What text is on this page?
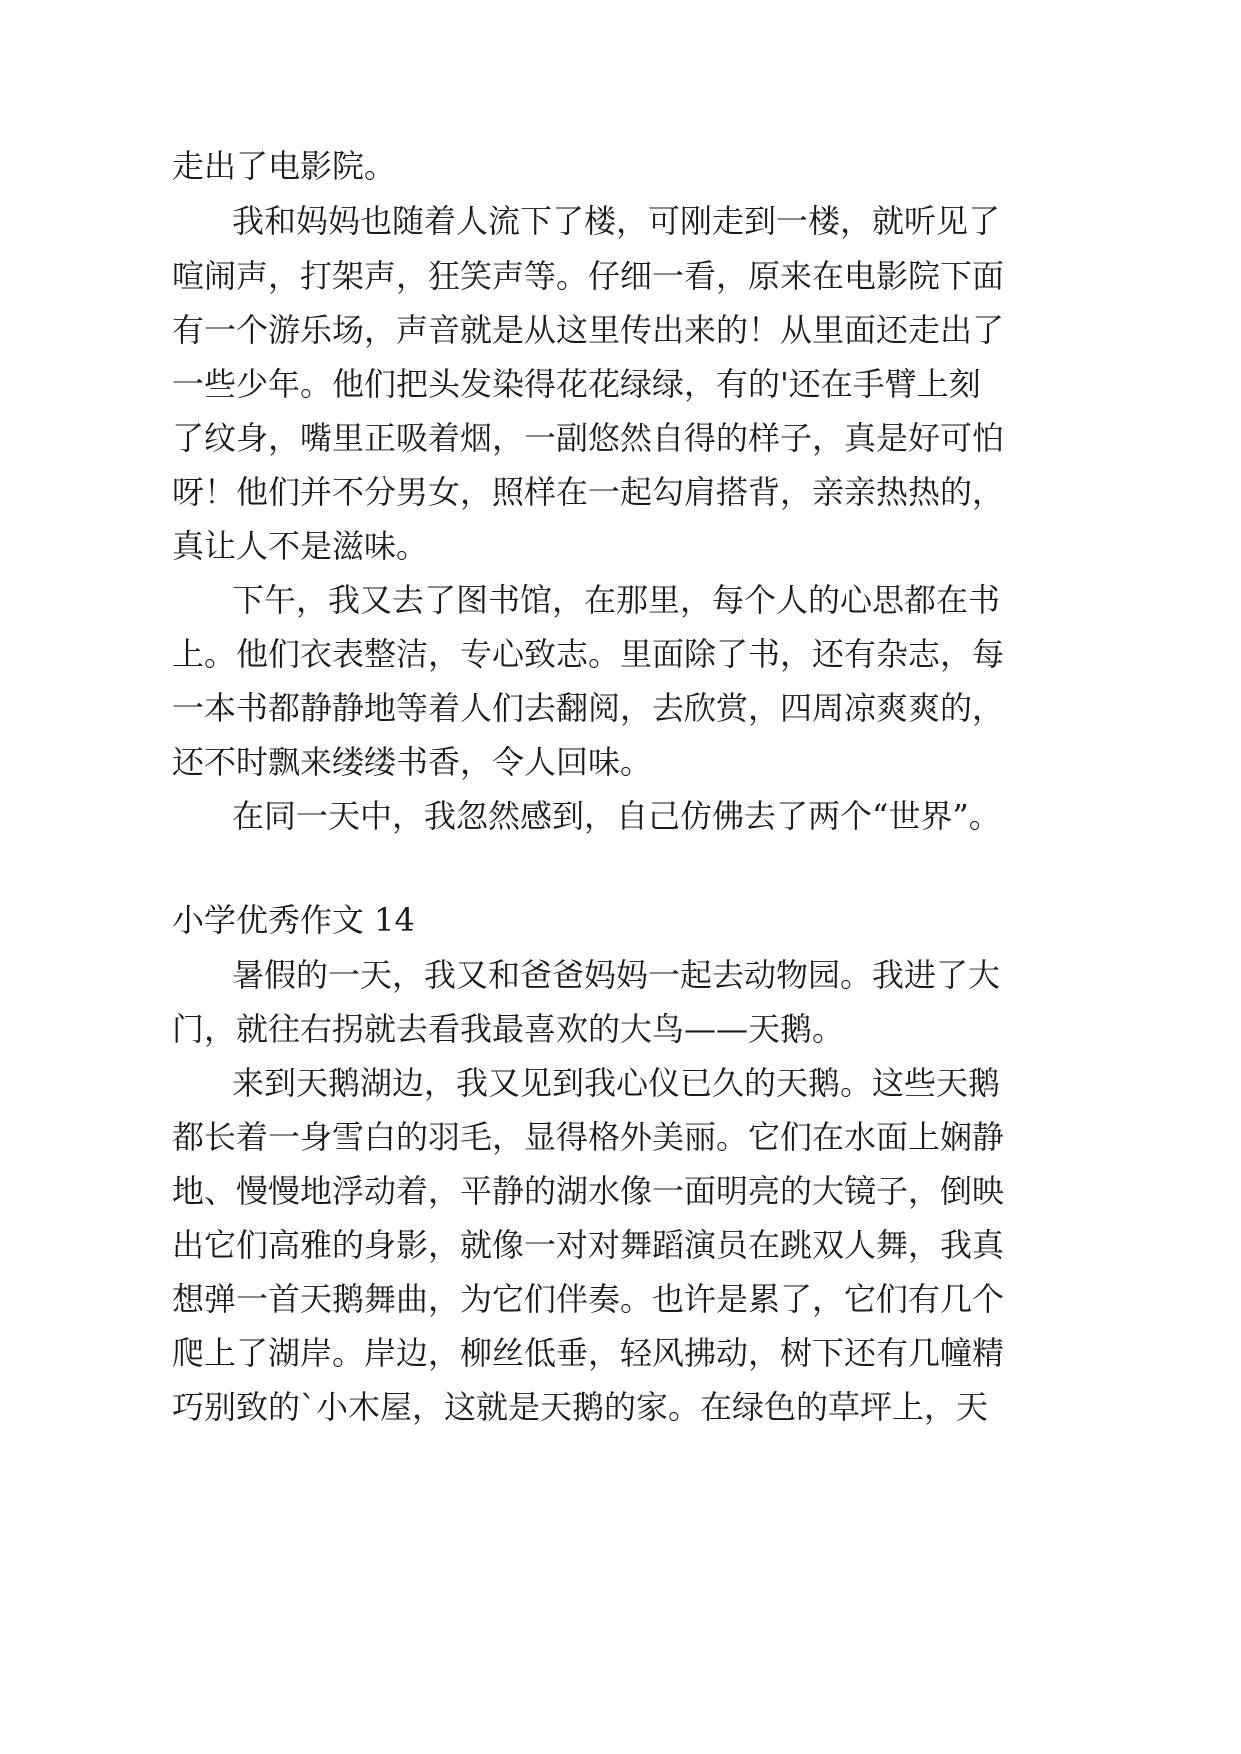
走出了电影院。
我和妈妈也随着人流下了楼，可刚走到一楼，就听见了
喧闹声，打架声，狂笑声等。仔细一看，原来在电影院下面
有一个游乐场，声音就是从这里传出来的！从里面还走出了
一些少年。他们把头发染得花花绿绿，有的'还在手臂上刻
了纹身，嘴里正吸着烟，一副悠然自得的样子，真是好可怕
呀！他们并不分男女，照样在一起勾肩搭背，亲亲热热的，
真让人不是滋味。
下午，我又去了图书馆，在那里，每个人的心思都在书
上。他们衣表整洁，专心致志。里面除了书，还有杂志，每
一本书都静静地等着人们去翻阅，去欣赏，四周凉爽爽的，
还不时飘来缕缕书香，令人回味。
在同一天中，我忽然感到，自己仿佛去了两个“世界”。
小学优秀作文 14
暑假的一天，我又和爸爸妈妈一起去动物园。我进了大
门，就往右拐就去看我最喜欢的大鸟——天鹅。
来到天鹅湖边，我又见到我心仪已久的天鹅。这些天鹅
都长着一身雪白的羽毛，显得格外美丽。它们在水面上娴静
地、慢慢地浮动着，平静的湖水像一面明亮的大镜子，倒映
出它们高雅的身影，就像一对对舞蹈演员在跳双人舞，我真
想弹一首天鹅舞曲，为它们伴奏。也许是累了，它们有几个
爬上了湖岸。岸边，柳丝低垂，轻风拂动，树下还有几幢精
巧别致的`小木屋，这就是天鹅的家。在绿色的草坪上，天
